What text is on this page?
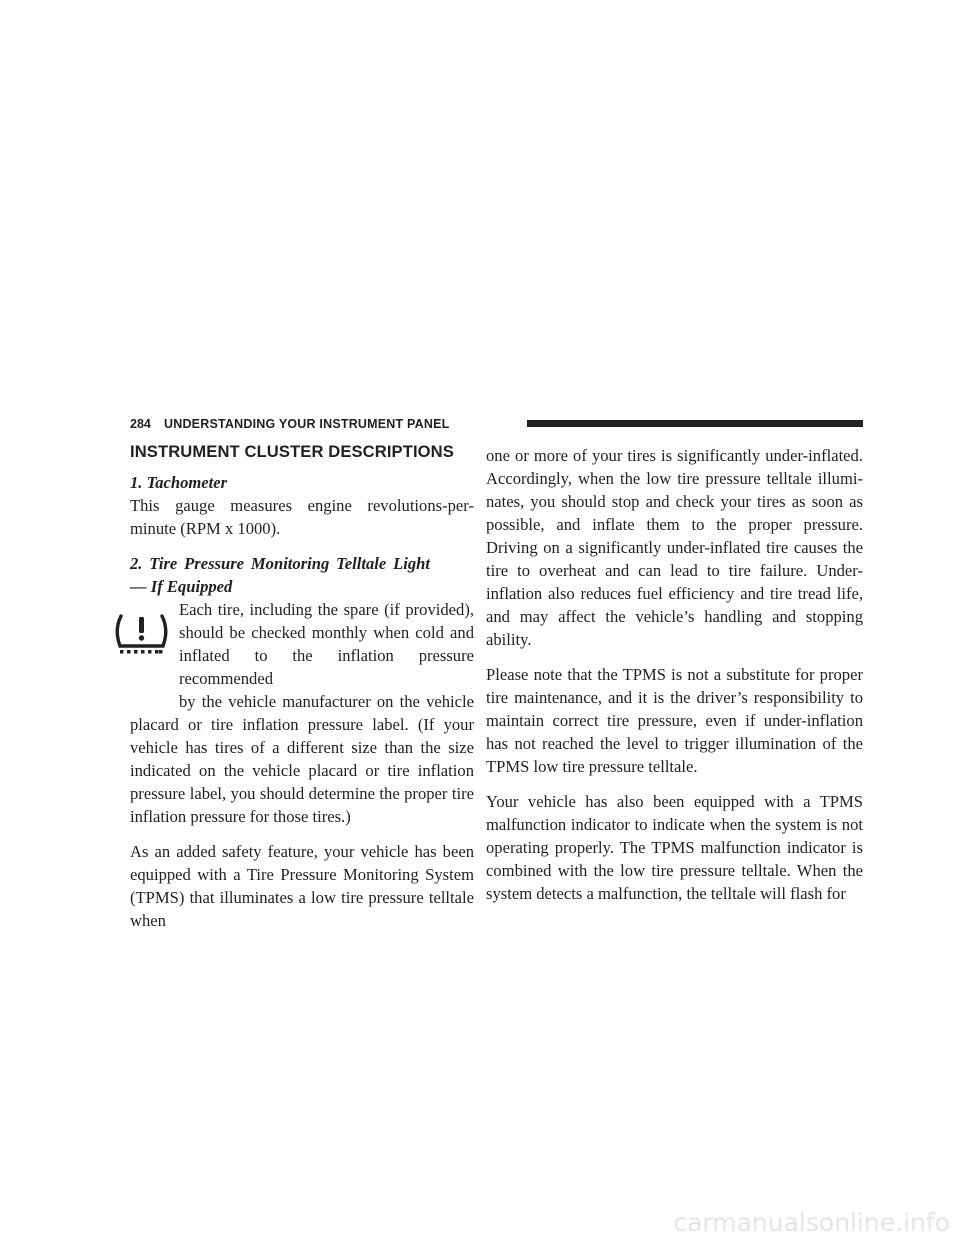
284 UNDERSTANDING YOUR INSTRUMENT PANEL
INSTRUMENT CLUSTER DESCRIPTIONS

1. Tachometer

This gauge measures engine revolutions-per-minute (RPM x 1000).

2. Tire Pressure Monitoring Telltale Light — If Equipped

Each tire, including the spare (if provided),

should be checked monthly when cold and

inflated to the inflation pressure recommended

by the vehicle manufacturer on the vehicle

placard or tire inflation pressure label. (If your vehicle has tires of a different size than the size indicated on the vehicle placard or tire inflation pressure label, you should determine the proper tire inflation pressure for those tires.)

As an added safety feature, your vehicle has been equipped with a Tire Pressure Monitoring System (TPMS) that illuminates a low tire pressure telltale when

one or more of your tires is significantly under-inflated. Accordingly, when the low tire pressure telltale illumi-nates, you should stop and check your tires as soon as possible, and inflate them to the proper pressure. Driving on a significantly under-inflated tire causes the tire to overheat and can lead to tire failure. Under-inflation also reduces fuel efficiency and tire tread life, and may affect the vehicle’s handling and stopping ability.

Please note that the TPMS is not a substitute for proper tire maintenance, and it is the driver’s responsibility to maintain correct tire pressure, even if under-inflation has not reached the level to trigger illumination of the TPMS low tire pressure telltale.

Your vehicle has also been equipped with a TPMS malfunction indicator to indicate when the system is not operating properly. The TPMS malfunction indicator is combined with the low tire pressure telltale. When the system detects a malfunction, the telltale will flash for

carmanualsonline.info
